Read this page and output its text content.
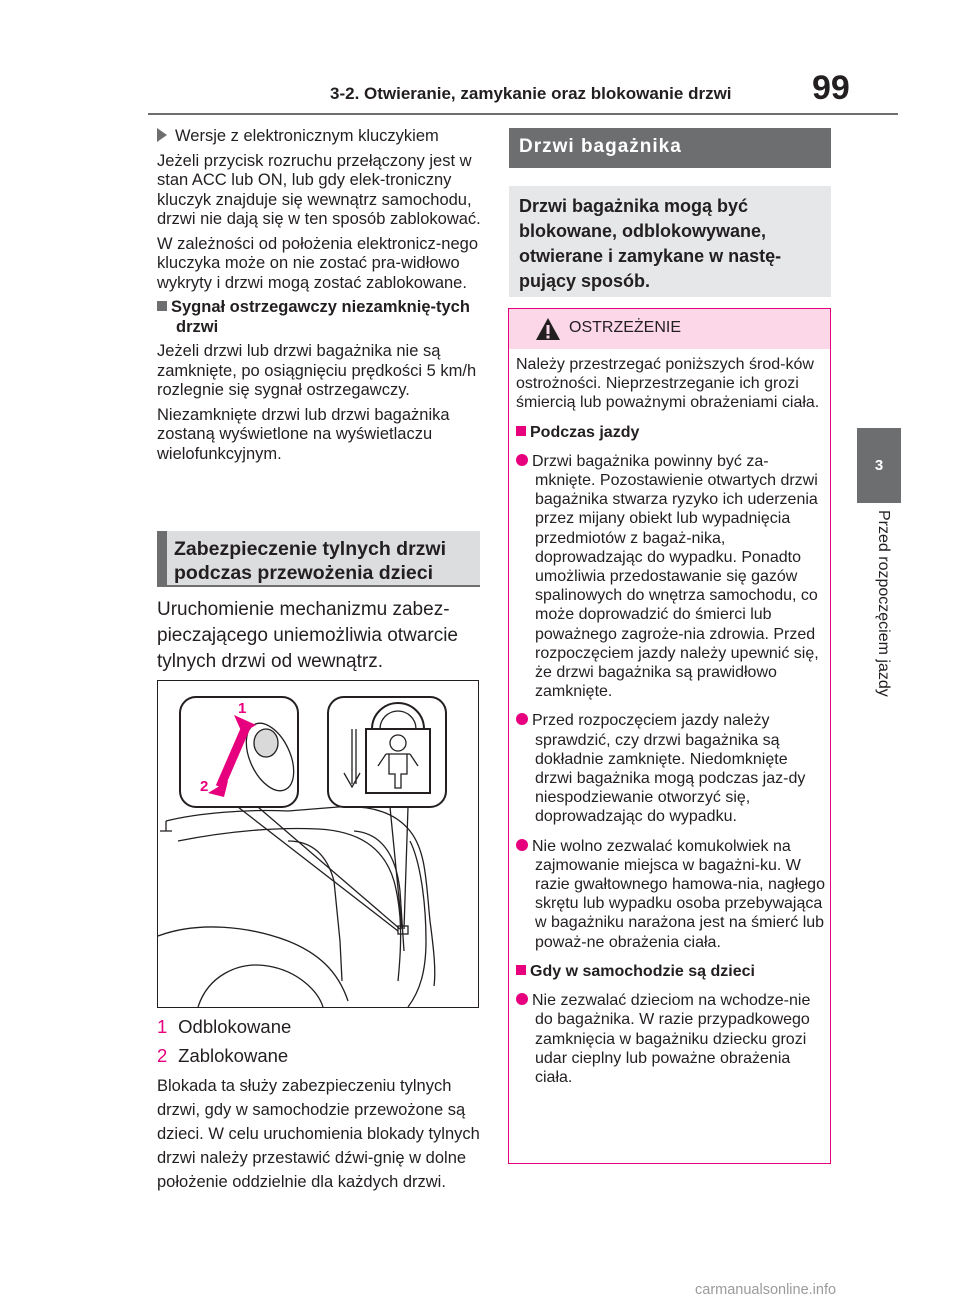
3-2. Otwieranie, zamykanie oraz blokowanie drzwi 99
3
Przed rozpoczęciem jazdy

Wersje z elektronicznym kluczykiem

Jeżeli przycisk rozruchu przełączony jest w stan ACC lub ON, lub gdy elek-troniczny kluczyk znajduje się wewnątrz samochodu, drzwi nie dają się w ten sposób zablokować.

W zależności od położenia elektronicz-nego kluczyka może on nie zostać pra-widłowo wykryty i drzwi mogą zostać zablokowane.

Sygnał ostrzegawczy niezamknię-tych drzwi

Jeżeli drzwi lub drzwi bagażnika nie są zamknięte, po osiągnięciu prędkości 5 km/h rozlegnie się sygnał ostrzegawczy.

Niezamknięte drzwi lub drzwi bagażnika zostaną wyświetlone na wyświetlaczu wielofunkcyjnym.

Zabezpieczenie tylnych drzwi
podczas przewożenia dzieci
Uruchomienie mechanizmu zabez-pieczającego uniemożliwia otwarcie tylnych drzwi od wewnątrz.
1
2
1 Odblokowane
2 Zablokowane
Blokada ta służy zabezpieczeniu tylnych drzwi, gdy w samochodzie przewożone są dzieci. W celu uruchomienia blokady tylnych drzwi należy przestawić dźwi-gnię w dolne położenie oddzielnie dla każdych drzwi.
Drzwi bagażnika
Drzwi bagażnika mogą być blokowane, odblokowywane, otwierane i zamykane w nastę-pujący sposób.
OSTRZEŻENIE

Należy przestrzegać poniższych środ-ków ostrożności. Nieprzestrzeganie ich grozi śmiercią lub poważnymi obrażeniami ciała.

Podczas jazdy

Drzwi bagażnika powinny być za-mknięte. Pozostawienie otwartych drzwi bagażnika stwarza ryzyko ich uderzenia przez mijany obiekt lub wypadnięcia przedmiotów z bagaż-nika, doprowadzając do wypadku. Ponadto umożliwia przedostawanie się gazów spalinowych do wnętrza samochodu, co może doprowadzić do śmierci lub poważnego zagroże-nia zdrowia. Przed rozpoczęciem jazdy należy upewnić się, że drzwi bagażnika są prawidłowo zamknięte.

Przed rozpoczęciem jazdy należy sprawdzić, czy drzwi bagażnika są dokładnie zamknięte. Niedomknięte drzwi bagażnika mogą podczas jaz-dy niespodziewanie otworzyć się, doprowadzając do wypadku.

Nie wolno zezwalać komukolwiek na zajmowanie miejsca w bagażni-ku. W razie gwałtownego hamowa-nia, nagłego skrętu lub wypadku osoba przebywająca w bagażniku narażona jest na śmierć lub poważ-ne obrażenia ciała.

Gdy w samochodzie są dzieci

Nie zezwalać dzieciom na wchodze-nie do bagażnika. W razie przypadkowego zamknięcia w bagażniku dziecku grozi udar cieplny lub poważne obrażenia ciała.

carmanualsonline.info
